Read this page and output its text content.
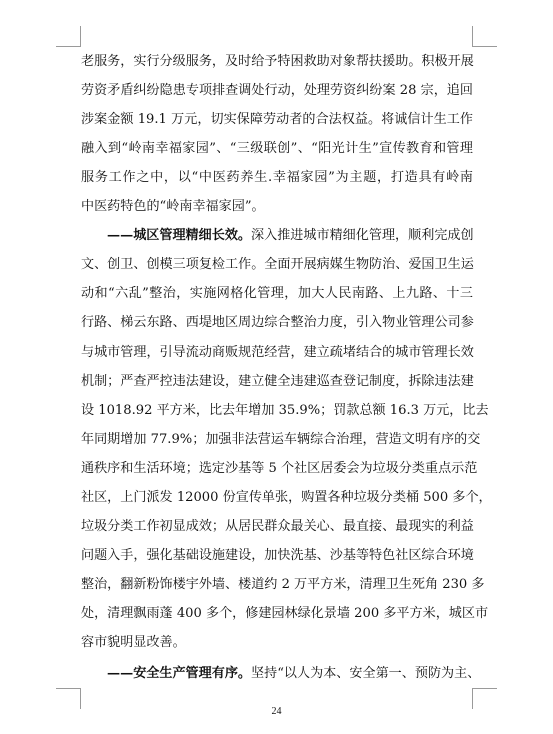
老服务，实行分级服务，及时给予特困救助对象帮扶援助。积极开展
劳资矛盾纠纷隐患专项排查调处行动，处理劳资纠纷案 28 宗，追回
涉案金额 19.1 万元，切实保障劳动者的合法权益。将诚信计生工作
融入到“岭南幸福家园”、“三级联创”、“阳光计生”宣传教育和管理
服务工作之中，以“中医药养生.幸福家园”为主题，打造具有岭南
中医药特色的“岭南幸福家园”。
——城区管理精细长效。深入推进城市精细化管理，顺利完成创
文、创卫、创模三项复检工作。全面开展病媒生物防治、爱国卫生运
动和“六乱”整治，实施网格化管理，加大人民南路、上九路、十三
行路、梯云东路、西堤地区周边综合整治力度，引入物业管理公司参
与城市管理，引导流动商贩规范经营，建立疏堵结合的城市管理长效
机制；严查严控违法建设，建立健全违建巡查登记制度，拆除违法建
设 1018.92 平方米，比去年增加 35.9%；罚款总额 16.3 万元，比去
年同期增加 77.9%；加强非法营运车辆综合治理，营造文明有序的交
通秩序和生活环境；选定沙基等 5 个社区居委会为垃圾分类重点示范
社区，上门派发 12000 份宣传单张，购置各种垃圾分类桶 500 多个，
垃圾分类工作初显成效；从居民群众最关心、最直接、最现实的利益
问题入手，强化基础设施建设，加快洗基、沙基等特色社区综合环境
整治，翻新粉饰楼宇外墙、楼道约 2 万平方米，清理卫生死角 230 多
处，清理飘雨蓬 400 多个，修建园林绿化景墙 200 多平方米，城区市
容市貌明显改善。
——安全生产管理有序。坚持“以人为本、安全第一、预防为主、
24
